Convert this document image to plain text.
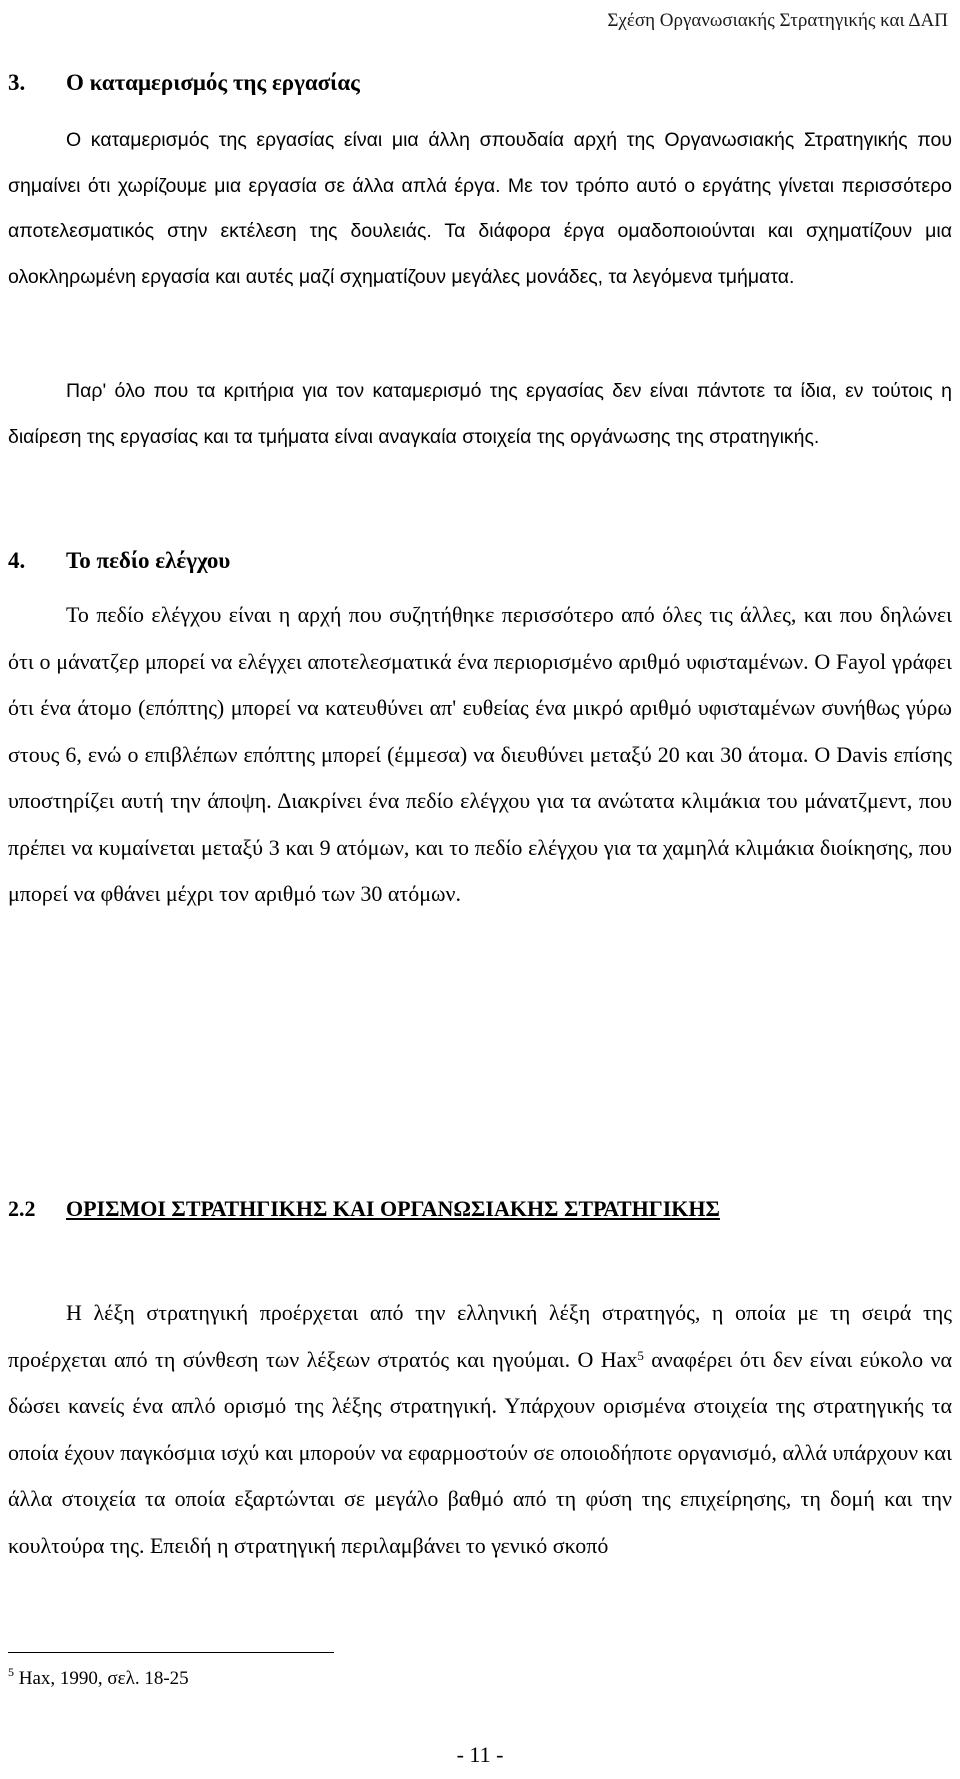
Σχέση Οργανωσιακής Στρατηγικής και ΔΑΠ
3. Ο καταμερισμός της εργασίας
Ο καταμερισμός της εργασίας είναι μια άλλη σπουδαία αρχή της Οργανωσιακής Στρατηγικής που σημαίνει ότι χωρίζουμε μια εργασία σε άλλα απλά έργα. Με τον τρόπο αυτό ο εργάτης γίνεται περισσότερο αποτελεσματικός στην εκτέλεση της δουλειάς. Τα διάφορα έργα ομαδοποιούνται και σχηματίζουν μια ολοκληρωμένη εργασία και αυτές μαζί σχηματίζουν μεγάλες μονάδες, τα λεγόμενα τμήματα.
Παρ' όλο που τα κριτήρια για τον καταμερισμό της εργασίας δεν είναι πάντοτε τα ίδια, εν τούτοις η διαίρεση της εργασίας και τα τμήματα είναι αναγκαία στοιχεία της οργάνωσης της στρατηγικής.
4. Το πεδίο ελέγχου
Το πεδίο ελέγχου είναι η αρχή που συζητήθηκε περισσότερο από όλες τις άλλες, και που δηλώνει ότι ο μάνατζερ μπορεί να ελέγχει αποτελεσματικά ένα περιορισμένο αριθμό υφισταμένων. Ο Fayol γράφει ότι ένα άτομο (επόπτης) μπορεί να κατευθύνει απ' ευθείας ένα μικρό αριθμό υφισταμένων συνήθως γύρω στους 6, ενώ ο επιβλέπων επόπτης μπορεί (έμμεσα) να διευθύνει μεταξύ 20 και 30 άτομα. Ο Davis επίσης υποστηρίζει αυτή την άποψη. Διακρίνει ένα πεδίο ελέγχου για τα ανώτατα κλιμάκια του μάνατζμεντ, που πρέπει να κυμαίνεται μεταξύ 3 και 9 ατόμων, και το πεδίο ελέγχου για τα χαμηλά κλιμάκια διοίκησης, που μπορεί να φθάνει μέχρι τον αριθμό των 30 ατόμων.
2.2 ΟΡΙΣΜΟΙ ΣΤΡΑΤΗΓΙΚΗΣ ΚΑΙ ΟΡΓΑΝΩΣΙΑΚΗΣ ΣΤΡΑΤΗΓΙΚΗΣ
Η λέξη στρατηγική προέρχεται από την ελληνική λέξη στρατηγός, η οποία με τη σειρά της προέρχεται από τη σύνθεση των λέξεων στρατός και ηγούμαι. Ο Hax$^5$ αναφέρει ότι δεν είναι εύκολο να δώσει κανείς ένα απλό ορισμό της λέξης στρατηγική. Υπάρχουν ορισμένα στοιχεία της στρατηγικής τα οποία έχουν παγκόσμια ισχύ και μπορούν να εφαρμοστούν σε οποιοδήποτε οργανισμό, αλλά υπάρχουν και άλλα στοιχεία τα οποία εξαρτώνται σε μεγάλο βαθμό από τη φύση της επιχείρησης, τη δομή και την κουλτούρα της. Επειδή η στρατηγική περιλαμβάνει το γενικό σκοπό
$^5$ Hax, 1990, σελ. 18-25
- 11 -
